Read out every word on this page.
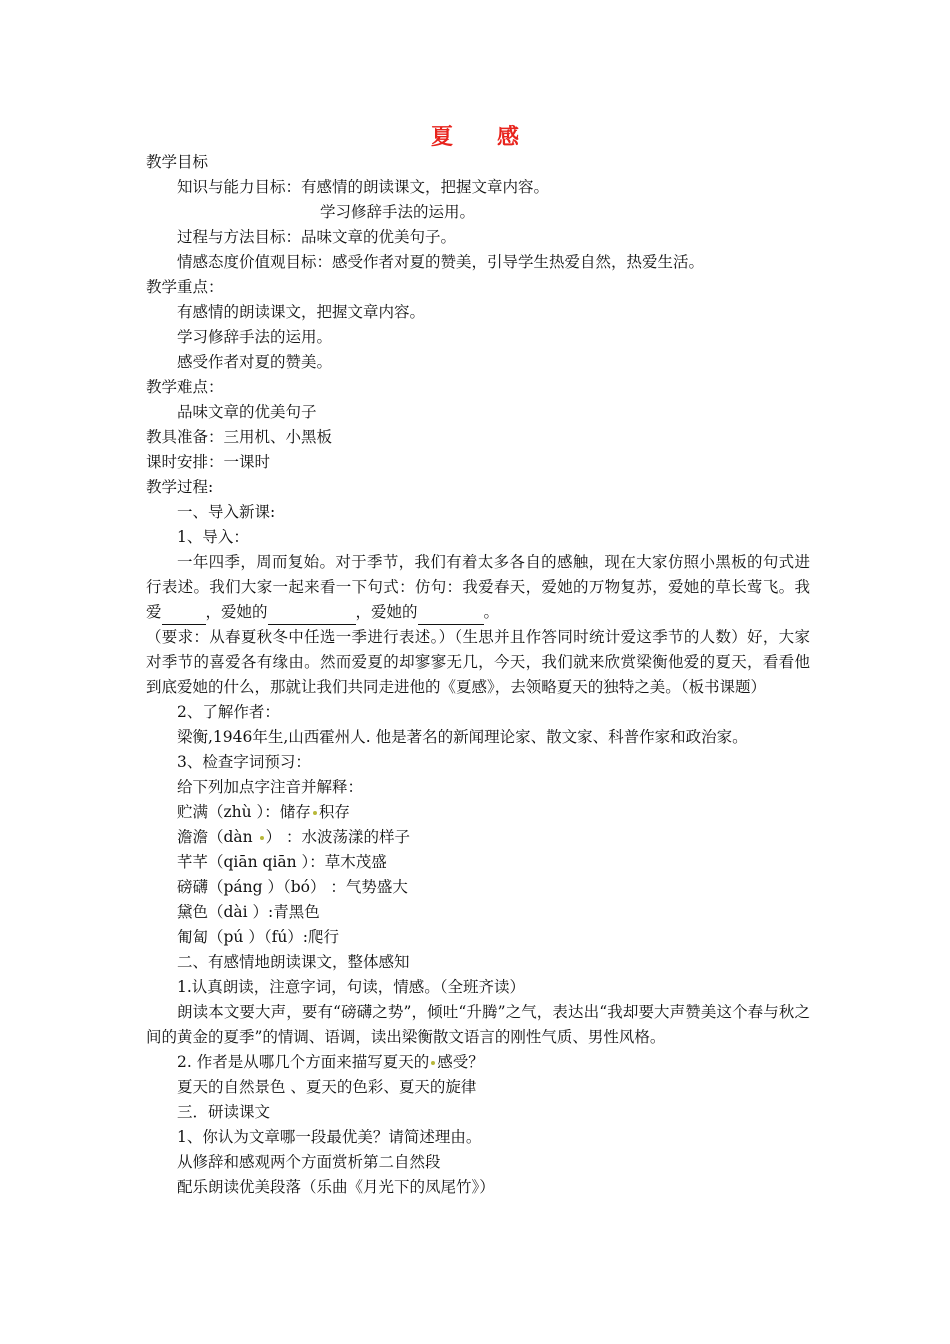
夏 感
教学目标
知识与能力目标：有感情的朗读课文，把握文章内容。
学习修辞手法的运用。
过程与方法目标：品味文章的优美句子。
情感态度价值观目标：感受作者对夏的赞美，引导学生热爱自然，热爱生活。
教学重点：
有感情的朗读课文，把握文章内容。
学习修辞手法的运用。
感受作者对夏的赞美。
教学难点：
品味文章的优美句子
教具准备：三用机、小黑板
课时安排：一课时
教学过程:
一、导入新课:
1、导入：
一年四季，周而复始。对于季节，我们有着太多各自的感触，现在大家仿照小黑板的句式进行表述。我们大家一起来看一下句式：仿句：我爱春天，爱她的万物复苏，爱她的草长莺飞。我爱	，爱她的	，爱她的	。
（要求：从春夏秋冬中任选一季进行表述。）（生思并且作答同时统计爱这季节的人数）好，大家对季节的喜爱各有缘由。然而爱夏的却寥寥无几，今天，我们就来欣赏梁衡他爱的夏天，看看他到底爱她的什么，那就让我们共同走进他的《夏感》，去领略夏天的独特之美。（板书课题）
2、了解作者：
梁衡,1946年生,山西霍州人. 他是著名的新闻理论家、散文家、科普作家和政治家。
3、检查字词预习：
给下列加点字注音并解释：
贮满（zhù ）：储存 积存
澹澹（dàn ） ：水波荡漾的样子
芊芊（qiān qiān ）：草木茂盛
磅礴（páng ）（bó） ：气势盛大
黛色（dài ）:青黑色
匍匐（pú ）（fú）:爬行
二、有感情地朗读课文，整体感知
1.认真朗读，注意字词，句读，情感。（全班齐读）
朗读本文要大声，要有“磅礴之势”，倾吐“升腾”之气，表达出“我却要大声赞美这个春与秋之间的黄金的夏季”的情调、语调，读出梁衡散文语言的刚性气质、男性风格。
2. 作者是从哪几个方面来描写夏天的 感受？
夏天的自然景色 、夏天的色彩、夏天的旋律
三．研读课文
1、你认为文章哪一段最优美？请简述理由。
从修辞和感观两个方面赏析第二自然段
配乐朗读优美段落（乐曲《月光下的凤尾竹》）
